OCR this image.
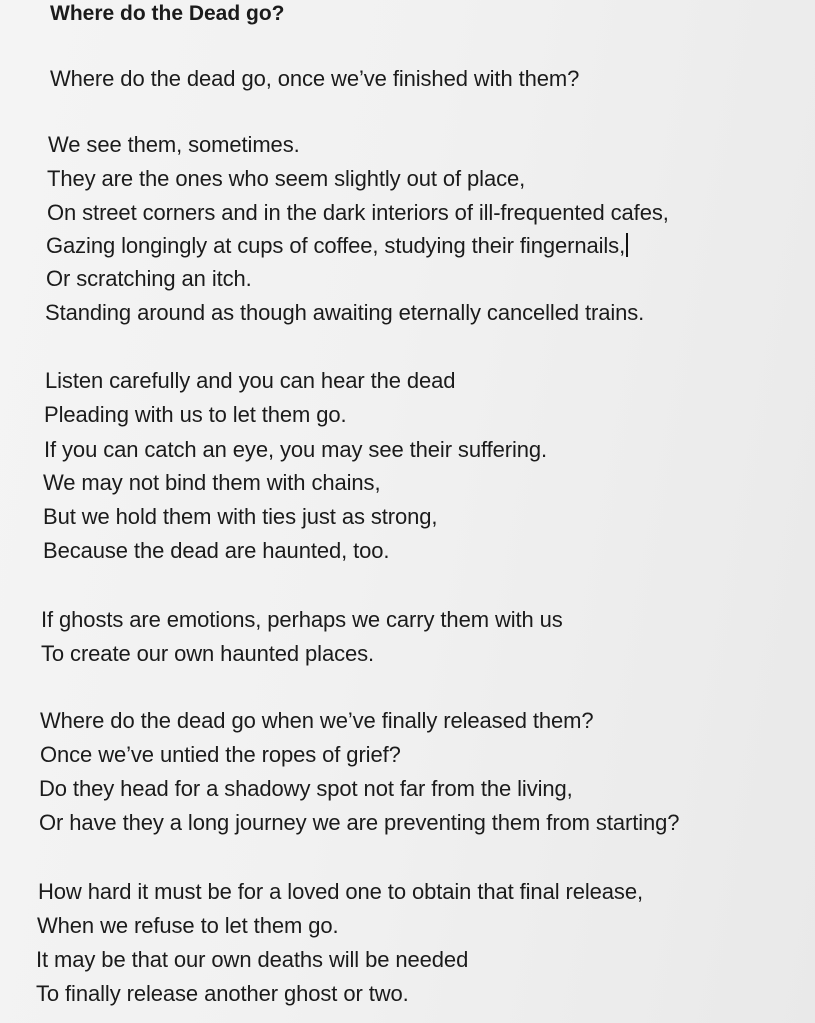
Where do the Dead go?
Where do the dead go, once we’ve finished with them?
We see them, sometimes.
They are the ones who seem slightly out of place,
On street corners and in the dark interiors of ill-frequented cafes,
Gazing longingly at cups of coffee, studying their fingernails,
Or scratching an itch.
Standing around as though awaiting eternally cancelled trains.
Listen carefully and you can hear the dead
Pleading with us to let them go.
If you can catch an eye, you may see their suffering.
We may not bind them with chains,
But we hold them with ties just as strong,
Because the dead are haunted, too.
If ghosts are emotions, perhaps we carry them with us
To create our own haunted places.
Where do the dead go when we’ve finally released them?
Once we’ve untied the ropes of grief?
Do they head for a shadowy spot not far from the living,
Or have they a long journey we are preventing them from starting?
How hard it must be for a loved one to obtain that final release,
When we refuse to let them go.
It may be that our own deaths will be needed
To finally release another ghost or two.
